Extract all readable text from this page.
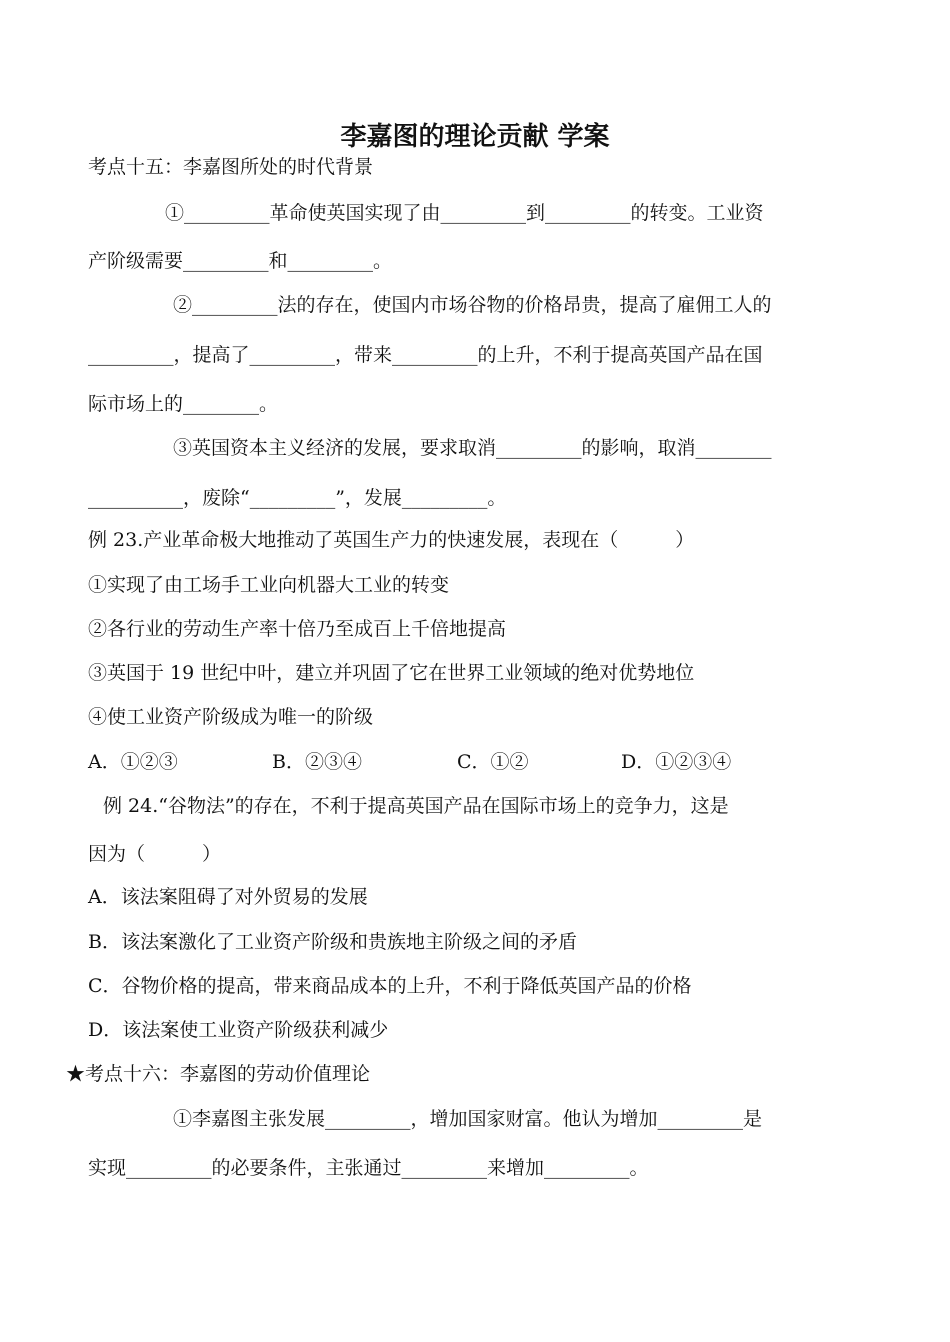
李嘉图的理论贡献 学案
考点十五：李嘉图所处的时代背景
①_________革命使英国实现了由_________到_________的转变。工业资
产阶级需要_________和_________。
②_________法的存在，使国内市场谷物的价格昂贵，提高了雇佣工人的
_________，提高了_________，带来_________的上升，不利于提高英国产品在国
际市场上的________。
③英国资本主义经济的发展，要求取消_________的影响，取消________
__________，废除“_________”，发展_________。
例 23.产业革命极大地推动了英国生产力的快速发展，表现在（　　　）
①实现了由工场手工业向机器大工业的转变
②各行业的劳动生产率十倍乃至成百上千倍地提高
③英国于 19 世纪中叶，建立并巩固了它在世界工业领域的绝对优势地位
④使工业资产阶级成为唯一的阶级
A．①②③	B．②③④	C．①②	D．①②③④
例 24.“谷物法”的存在，不利于提高英国产品在国际市场上的竞争力，这是
因为（　　　）
A．该法案阻碍了对外贸易的发展
B．该法案激化了工业资产阶级和贵族地主阶级之间的矛盾
C．谷物价格的提高，带来商品成本的上升，不利于降低英国产品的价格
D．该法案使工业资产阶级获利减少
★考点十六：李嘉图的劳动价值理论
①李嘉图主张发展_________，增加国家财富。他认为增加_________是
实现_________的必要条件，主张通过_________来增加_________。
